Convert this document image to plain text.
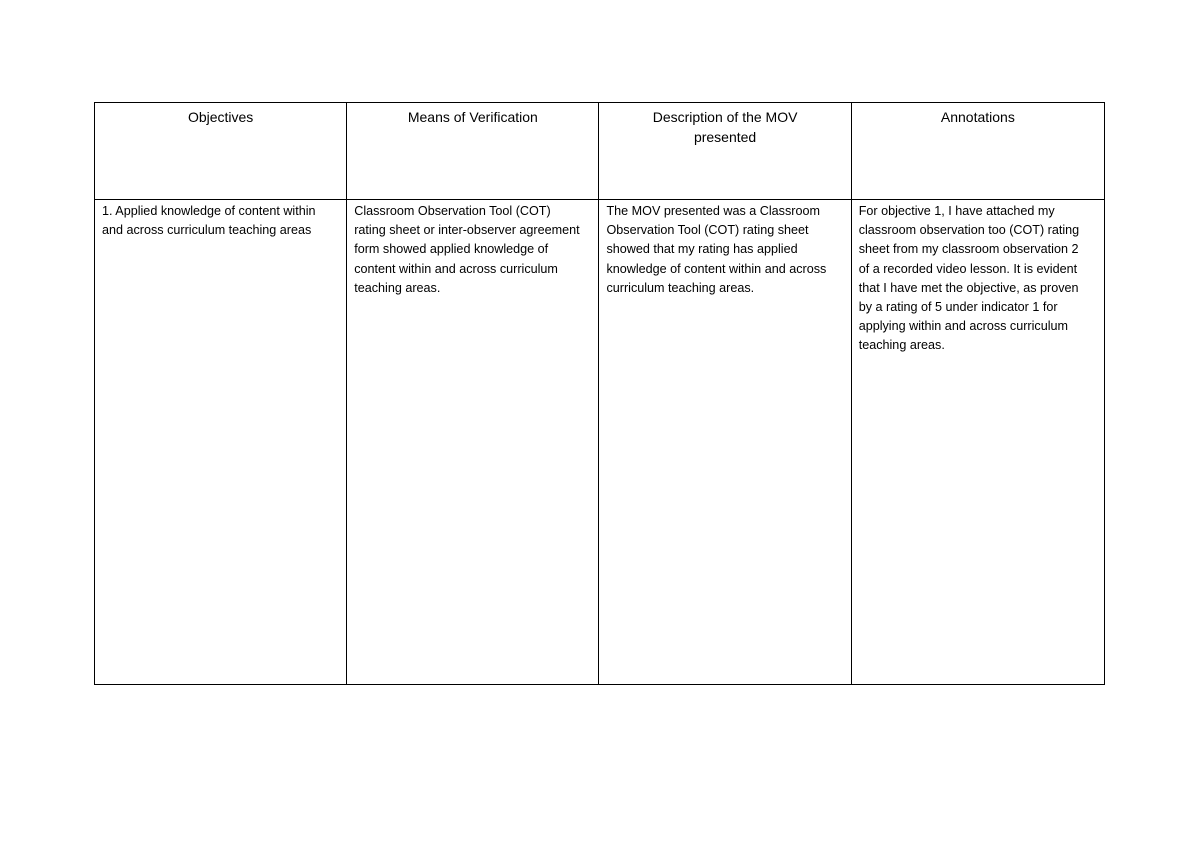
Objectives	Means of Verification	Description of the MOV presented	Annotations

1. Applied knowledge of content within and across curriculum teaching areas	Classroom Observation Tool (COT) rating sheet or inter-observer agreement form showed applied knowledge of content within and across curriculum teaching areas.	The MOV presented was a Classroom Observation Tool (COT) rating sheet showed that my rating has applied knowledge of content within and across curriculum teaching areas.	For objective 1, I have attached my classroom observation too (COT) rating sheet from my classroom observation 2 of a recorded video lesson. It is evident that I have met the objective, as proven by a rating of 5 under indicator 1 for applying within and across curriculum teaching areas.
